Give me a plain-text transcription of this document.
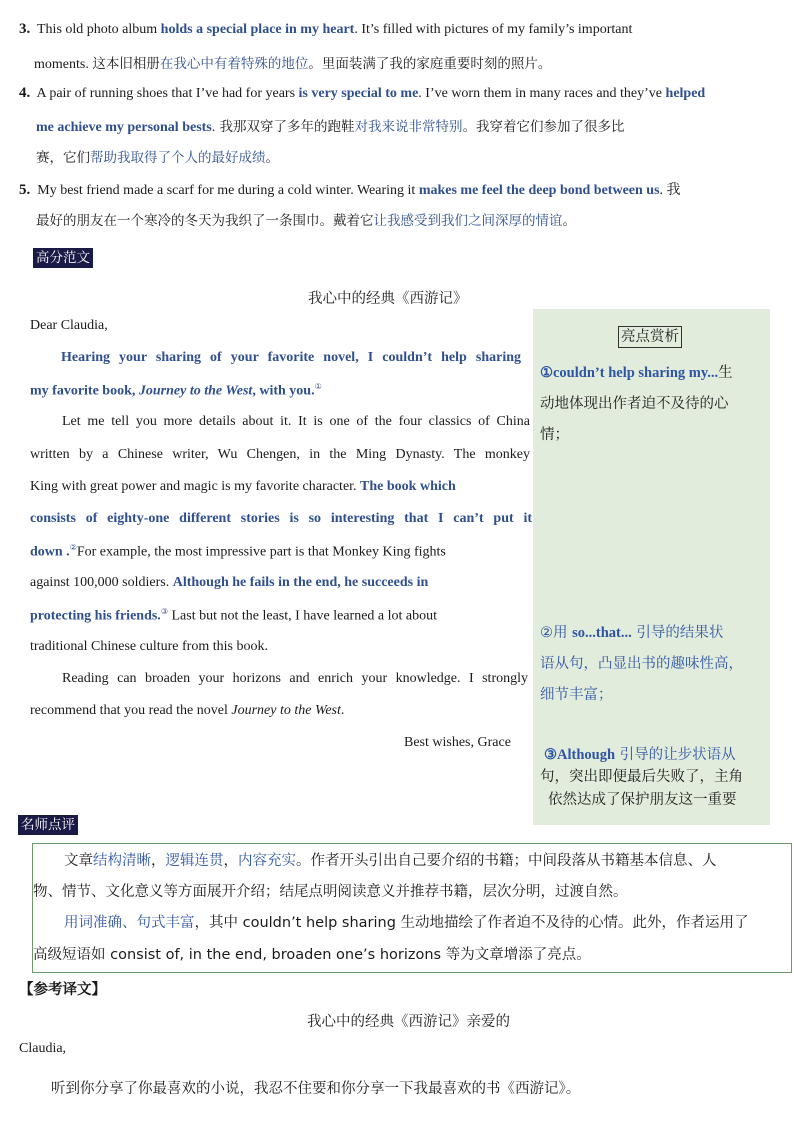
3. This old photo album holds a special place in my heart. It’s filled with pictures of my family’s important
moments. 这本旧相册在我心中有着特殊的地位。里面装满了我的家庭重要时刻的照片。
4. A pair of running shoes that I’ve had for years is very special to me. I’ve worn them in many races and they’ve helped
me achieve my personal bests. 我那双穿了多年的跑鞋对我来说非常特别。我穿着它们参加了很多比
赛，它们帮助我取得了个人的最好成绩。
5. My best friend made a scarf for me during a cold winter. Wearing it makes me feel the deep bond between us. 我
最好的朋友在一个寒冷的冬天为我织了一条围巾。戴着它让我感受到我们之间深厚的情谊。
高分范文
我心中的经典《西游记》
亮点赏析
①couldn’t help sharing my...生
动地体现出作者迫不及待的心
情；
②用 so...that... 引导的结果状
语从句，凸显出书的趣味性高，
细节丰富；
③Although 引导的让步状语从
句，突出即便最后失败了，主角
依然达成了保护朋友这一重要
Dear Claudia,
Hearing your sharing of your favorite novel, I couldn’t help sharing
my favorite book, Journey to the West, with you.①
Let me tell you more details about it. It is one of the four classics of China
written by a Chinese writer, Wu Chengen, in the Ming Dynasty. The monkey
King with great power and magic is my favorite character. The book which
consists of eighty-one different stories is so interesting that I can’t put it
down .②For example, the most impressive part is that Monkey King fights
against 100,000 soldiers. Although he fails in the end, he succeeds in
protecting his friends.③ Last but not the least, I have learned a lot about
traditional Chinese culture from this book.
Reading can broaden your horizons and enrich your knowledge. I strongly
recommend that you read the novel Journey to the West.
Best wishes, Grace
名师点评
文章结构清晰，逻辑连贯，内容充实。作者开头引出自己要介绍的书籍；中间段落从书籍基本信息、人
物、情节、文化意义等方面展开介绍；结尾点明阅读意义并推荐书籍，层次分明，过渡自然。
用词准确、句式丰富，其中 couldn’t help sharing 生动地描绘了作者迫不及待的心情。此外，作者运用了
高级短语如 consist of, in the end, broaden one’s horizons 等为文章增添了亮点。
【参考译文】
我心中的经典《西游记》亲爱的
Claudia,
听到你分享了你最喜欢的小说，我忍不住要和你分享一下我最喜欢的书《西游记》。
